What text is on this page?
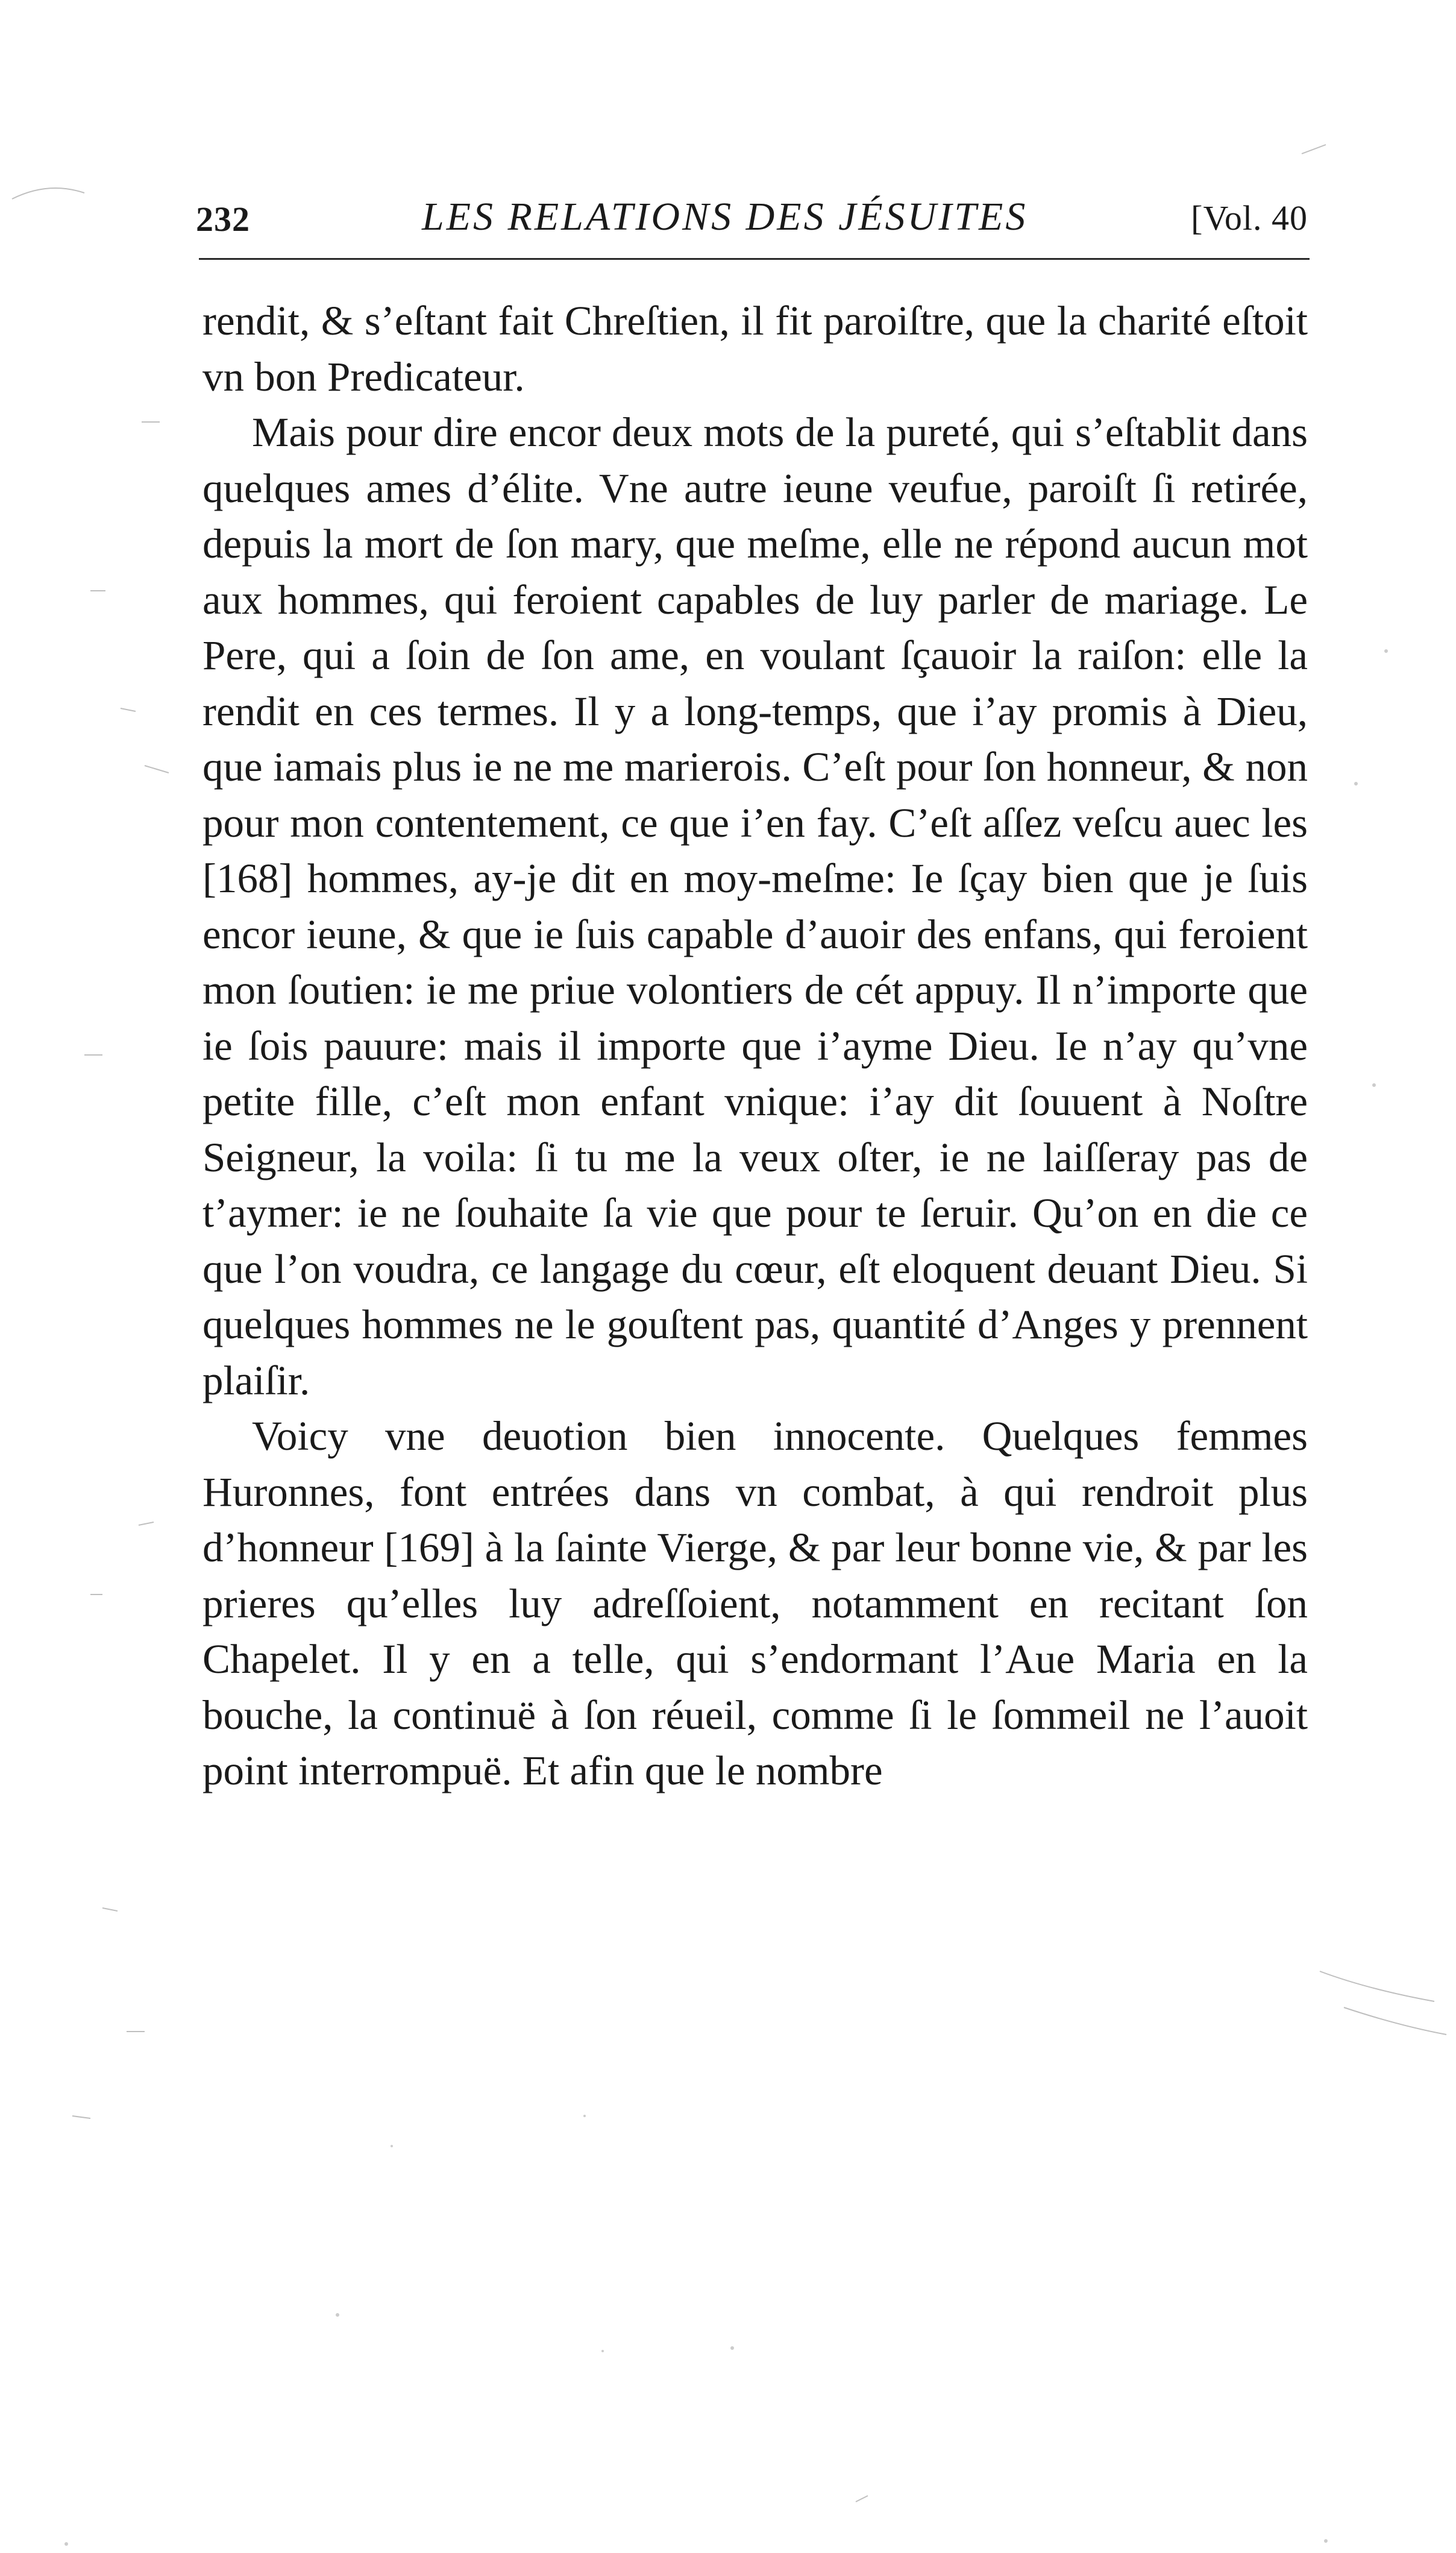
232	LES RELATIONS DES JÉSUITES	[Vol. 40

rendit, & s’eſtant fait Chreſtien, il fit paroiſtre, que la charité eſtoit vn bon Predicateur.

Mais pour dire encor deux mots de la pureté, qui s’eſtablit dans quelques ames d’élite. Vne autre ieune veufue, paroiſt ſi retirée, depuis la mort de ſon mary, que meſme, elle ne répond aucun mot aux hommes, qui feroient capables de luy parler de mariage. Le Pere, qui a ſoin de ſon ame, en voulant ſçauoir la raiſon: elle la rendit en ces termes. Il y a long-temps, que i’ay promis à Dieu, que iamais plus ie ne me marierois. C’eſt pour ſon honneur, & non pour mon contentement, ce que i’en fay. C’eſt aſſez veſcu auec les [168] hommes, ay-je dit en moy-meſme: Ie ſçay bien que je ſuis encor ieune, & que ie ſuis capable d’auoir des enfans, qui feroient mon ſoutien: ie me priue volontiers de cét appuy. Il n’importe que ie ſois pauure: mais il importe que i’ayme Dieu. Ie n’ay qu’vne petite fille, c’eſt mon enfant vnique: i’ay dit ſouuent à Noſtre Seigneur, la voila: ſi tu me la veux oſter, ie ne laiſſeray pas de t’aymer: ie ne ſouhaite ſa vie que pour te ſeruir. Qu’on en die ce que l’on voudra, ce langage du cœur, eſt eloquent deuant Dieu. Si quelques hommes ne le gouſtent pas, quantité d’Anges y prennent plaiſir.

Voicy vne deuotion bien innocente. Quelques femmes Huronnes, font entrées dans vn combat, à qui rendroit plus d’honneur [169] à la ſainte Vierge, & par leur bonne vie, & par les prieres qu’elles luy adreſſoient, notamment en recitant ſon Chapelet. Il y en a telle, qui s’endormant l’Aue Maria en la bouche, la continuë à ſon réueil, comme ſi le ſommeil ne l’auoit point interrompuë. Et afin que le nombre
